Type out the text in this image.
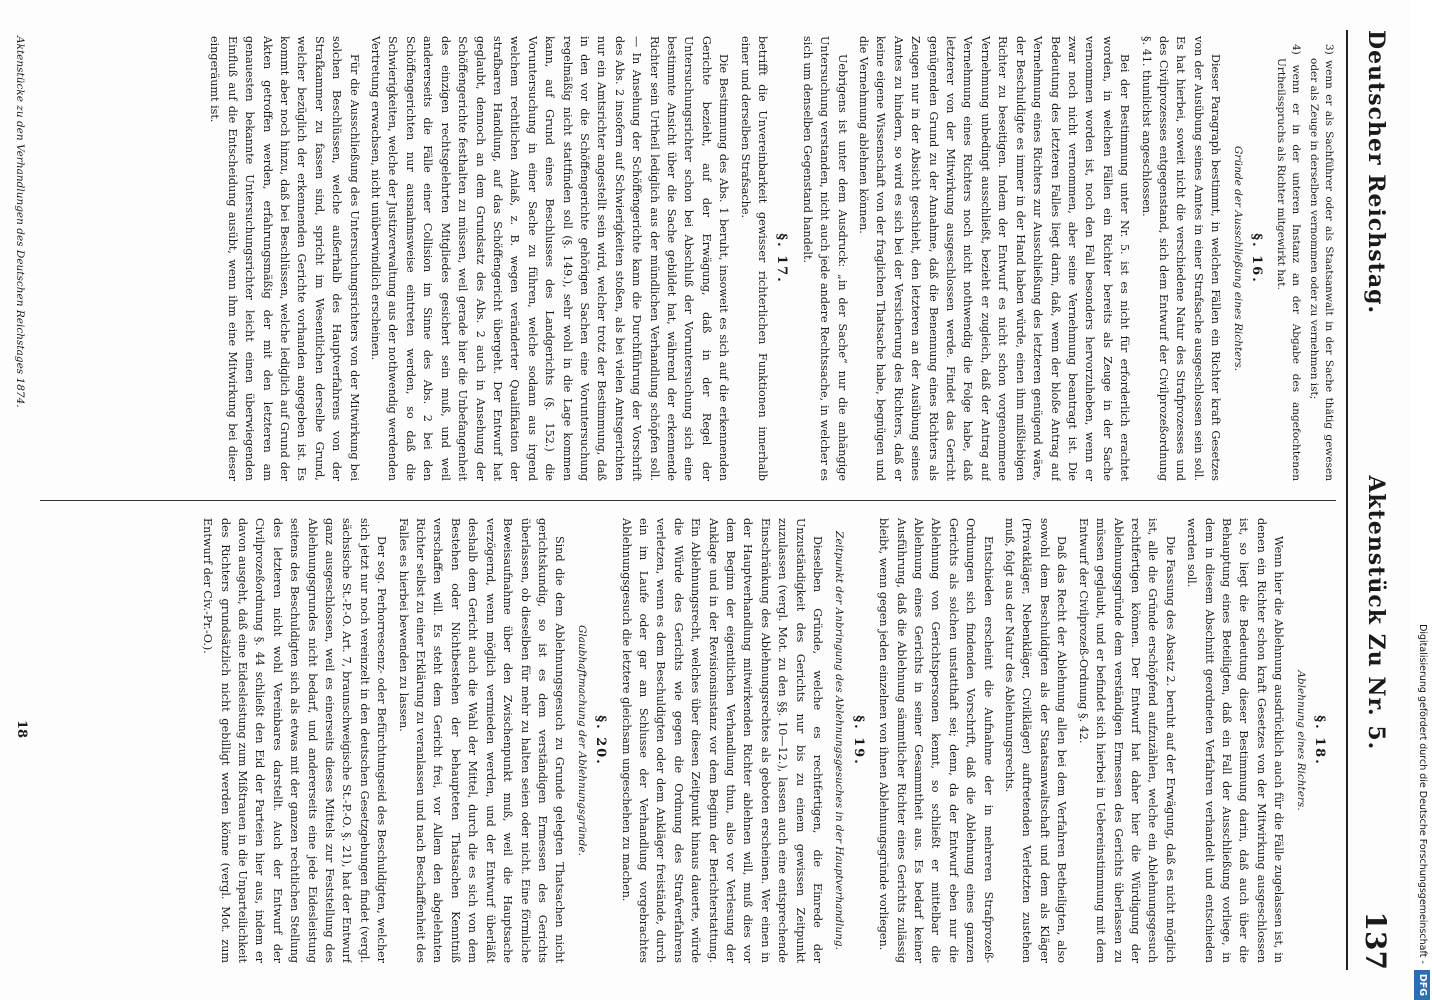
Deutscher Reichstag.
Aktenstück Zu Nr. 5.
137
3) wenn er als Sachführer oder als Staatsanwalt in der Sache thätig gewesen oder als Zeuge in derselben vernommen oder zu vernehmen ist;
4) wenn er in der unteren Instanz an der Abgabe des angefochtenen Urtheilsspruchs als Richter mitgewirkt hat.
§. 16.
Gründe der Ausschließung eines Richters.

Dieser Paragraph bestimmt, in welchen Fällen ein Richter kraft Gesetzes von der Ausübung seines Amtes in einer Strafsache ausgeschlossen sein soll. Es hat hierbei, soweit nicht die verschiedene Natur des Strafprozesses und des Civilprozesses entgegenstand, sich dem Entwurf der Civilprozeßordnung §. 41. thunlichst angeschlossen.

Bei der Bestimmung unter Nr. 5. ist es nicht für erforderlich erachtet worden, in welchen Fällen ein Richter bereits als Zeuge in der Sache vernommen worden ist, noch den Fall besonders hervorzuheben, wenn er zwar noch nicht vernommen, aber seine Vernehmung beantragt ist. Die Bedeutung des letzteren Falles liegt darin, daß, wenn der bloße Antrag auf Vernehmung eines Richters zur Ausschließung des letzteren genügend wäre, der Beschuldigte es immer in der Hand haben würde, einen ihm mißliebigen Richter zu beseitigen. Indem der Entwurf es nicht schon vorgenommene Vernehmung unbedingt ausschließt, bezieht er zugleich, daß der Antrag auf Vernehmung eines Richters noch nicht nothwendig die Folge habe, daß letzterer von der Mitwirkung ausgeschlossen werde. Findet das Gericht genügenden Grund zu der Annahme, daß die Benennung eines Richters als Zeugen nur in der Absicht geschieht, den letzteren an der Ausübung seines Amtes zu hindern, so wird es sich bei der Versicherung des Richters, daß er keine eigene Wissenschaft von der fraglichen Thatsache habe, begnügen und die Vernehmung ablehnen können.

Uebrigens ist unter dem Ausdruck: „in der Sache“ nur die anhängige Untersuchung verstanden, nicht auch jede andere Rechtssache, in welcher es sich um denselben Gegenstand handelt.

§. 17.

betrifft die Unvereinbarkeit gewisser richterlichen Funktionen innerhalb einer und derselben Strafsache.

Die Bestimmung des Abs. 1 beruht, insoweit es sich auf die erkennenden Gerichte bezieht, auf der Erwägung, daß in der Regel der Untersuchungsrichter schon bei Abschluß der Voruntersuchung sich eine bestimmte Ansicht über die Sache gebildet hat, während der erkennende Richter sein Urtheil lediglich aus der mündlichen Verhandlung schöpfen soll. — In Ansehung der Schöffengerichte kann die Durchführung der Vorschrift des Abs. 2 insofern auf Schwierigkeiten stoßen, als bei vielen Amtsgerichten nur ein Amtsrichter angestellt sein wird, welcher trotz der Bestimmung, daß in den vor die Schöffengerichte gehörigen Sachen eine Voruntersuchung regelmäßig nicht stattfinden soll (§. 149.), sehr wohl in die Lage kommen kann, auf Grund eines Beschlusses des Landgerichts (§. 152.) die Voruntersuchung in einer Sache zu führen, welche sodann aus irgend welchem rechtlichen Anlaß, z. B. wegen veränderter Qualifikation der strafbaren Handlung, auf das Schöffengericht übergeht. Der Entwurf hat geglaubt, dennoch an dem Grundsatz des Abs. 2 auch in Ansehung der Schöffengerichte festhalten zu müssen, weil gerade hier die Unbefangenheit des einzigen rechtsgelehrten Mitgliedes gesichert sein muß, und weil andererseits die Fälle einer Collision im Sinne des Abs. 2 bei den Schöffengerichten nur ausnahmsweise eintreten werden, so daß die Schwierigkeiten, welche der Justizverwaltung aus der nothwendig werdenden Vertretung erwachsen, nicht unüberwindlich erscheinen.

Für die Ausschließung des Untersuchungsrichters von der Mitwirkung bei solchen Beschlüssen, welche außerhalb des Hauptverfahrens von der Strafkammer zu fassen sind, spricht im Wesentlichen derselbe Grund, welcher bezüglich der erkennenden Gerichte vorhanden angegeben ist. Es kommt aber noch hinzu, daß bei Beschlüssen, welche lediglich auf Grund der Akten getroffen werden, erfahrungsmäßig der mit den letzteren am genauesten bekannte Untersuchungsrichter leicht einen überwiegenden Einfluß auf die Entscheidung ausübt, wenn ihm eine Mitwirkung bei dieser eingeräumt ist.

§. 18.
Ablehnung eines Richters.

Wenn hier die Ablehnung ausdrücklich auch für die Fälle zugelassen ist, in denen ein Richter schon kraft Gesetzes von der Mitwirkung ausgeschlossen ist, so liegt die Bedeutung dieser Bestimmung darin, daß auch über die Behauptung eines Beteiligten, daß ein Fall der Ausschließung vorliege, in dem in diesem Abschnitt geordneten Verfahren verhandelt und entschieden werden soll.

Die Fassung des Absatz 2. beruht auf der Erwägung, daß es nicht möglich ist, alle die Gründe erschöpfend aufzuzählen, welche ein Ablehnungsgesuch rechtfertigen können. Der Entwurf hat daher hier die Würdigung der Ablehnungsgründe dem verständigen Ermessen des Gerichts überlassen zu müssen geglaubt, und er befindet sich hierbei in Uebereinstimmung mit dem Entwurf der Civilprozeß-Ordnung §. 42.

Daß das Recht der Ablehnung allen bei dem Verfahren Betheiligten, also sowohl dem Beschuldigten als der Staatsanwaltschaft und dem als Kläger (Privatkläger, Nebenkläger, Civilkläger) auftretenden Verletzten zustehen muß, folgt aus der Natur des Ablehnungsrechts.

Entschieden erscheint die Aufnahme der in mehreren Strafprozeß-Ordnungen sich findenden Vorschrift, daß die Ablehnung eines ganzen Gerichts als solchen unstatthaft sei; denn, da der Entwurf eben nur die Ablehnung von Gerichtspersonen kennt, so schließt er mittelbar die Ablehnung eines Gerichts in seiner Gesammtheit aus. Es bedarf keiner Ausführung, daß die Ablehnung sämmtlicher Richter eines Gerichts zulässig bleibt, wenn gegen jeden einzelnen von ihnen Ablehnungsgründe vorliegen.

§. 19.
Zeitpunkt der Anbringung des Ablehnungsgesuches in der Hauptverhandlung.

Dieselben Gründe, welche es rechtfertigen, die Einrede der Unzuständigkeit des Gerichts nur bis zu einem gewissen Zeitpunkt zuzulassen (vergl. Mot. zu den §§. 10—12.), lassen auch eine entsprechende Einschränkung des Ablehnungsrechtes als geboten erscheinen. Wer einen in der Hauptverhandlung mitwirkenden Richter ablehnen will, muß dies vor dem Beginn der eigentlichen Verhandlung thun, also vor Verlesung der Anklage und in der Revisionsinstanz vor dem Beginn der Berichterstattung. Ein Ablehnungsrecht, welches über diesen Zeitpunkt hinaus dauerte, würde die Würde des Gerichts wie gegen die Ordnung des Strafverfahrens verletzen, wenn es dem Beschuldigten oder dem Ankläger freistände, durch ein im Laufe oder gar am Schlusse der Verhandlung vorgebrachtes Ablehnungsgesuch die letztere gleichsam ungeschehen zu machen.

§. 20.
Glaubhaftmachung der Ablehnungsgründe.

Sind die dem Ablehnungsgesuch zu Grunde gelegten Thatsachen nicht gerichtskundig, so ist es dem verständigen Ermessen des Gerichts überlassen, ob dieselben für mehr zu halten seien oder nicht. Eine förmliche Beweisaufnahme über den Zwischenpunkt muß, weil die Hauptsache verzögernd, wenn möglich vermieden werden, und der Entwurf überläßt deshalb dem Gericht auch die Wahl der Mittel, durch die es sich von dem Bestehen oder Nichtbestehen der behaupteten Thatsachen Kenntniß verschaffen will. Es steht dem Gericht frei, vor Allem den abgelehnten Richter selbst zu einer Erklärung zu veranlassen und nach Beschaffenheit des Falles es hierbei bewenden zu lassen.

Der sog. Perhorrescenz- oder Befürchtungseid des Beschuldigten, welcher sich jetzt nur noch vereinzelt in den deutschen Gesetzgebungen findet (vergl. sächsische St.-P.-O. Art. 7, braunschweigische St.-P.-O. §. 21), hat der Entwurf ganz ausgeschlossen, weil es einerseits dieses Mittels zur Feststellung des Ablehnungsgrundes nicht bedarf, und andererseits eine jede Eidesleistung seitens des Beschuldigten sich als etwas mit der ganzen rechtlichen Stellung des letzteren nicht wohl Vereinbares darstellt. Auch der Entwurf der Civilprozeßordnung §. 44 schließt den Eid der Parteien hier aus, indem er davon ausgeht, daß eine Eidesleistung zum Mißtrauen in die Unparteilichkeit des Richters grundsätzlich nicht gebilligt werden könne (vergl. Mot. zum Entwurf der Civ.-Pr.-O.).

Aktenstücke zu den Verhandlungen des Deutschen Reichstages 1874.
18	Digitalisierung gefördert durch die Deutsche Forschungsgemeinschaft -DFG
